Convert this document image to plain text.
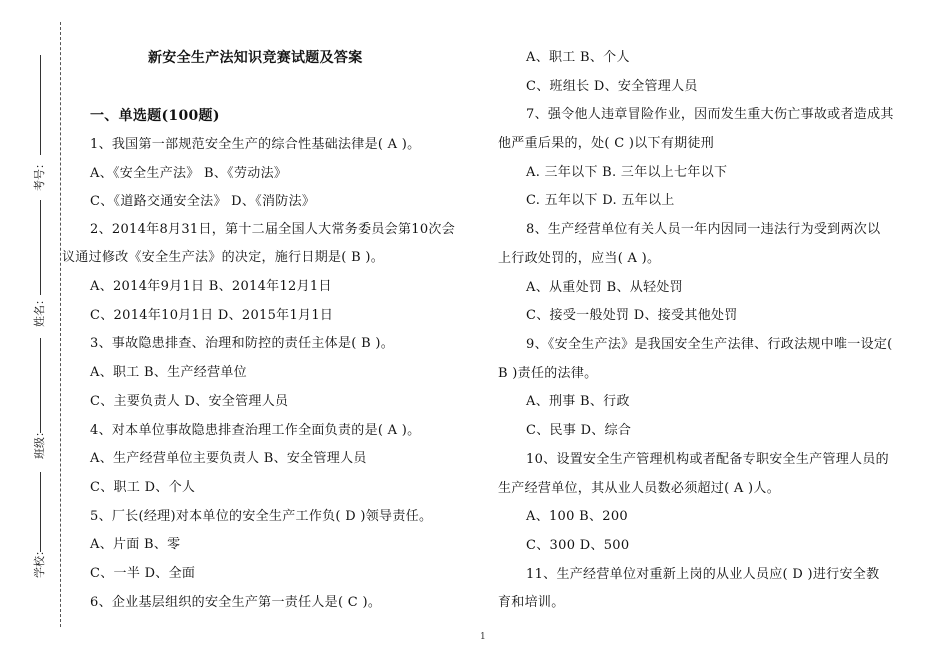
考号：
姓名：
班级：
学校：
新安全生产法知识竞赛试题及答案
一、单选题(100题)
1、我国第一部规范安全生产的综合性基础法律是( A )。
A、《安全生产法》 B、《劳动法》
C、《道路交通安全法》 D、《消防法》
2、2014年8月31日，第十二届全国人大常务委员会第10次会
议通过修改《安全生产法》的决定，施行日期是( B )。
A、2014年9月1日 B、2014年12月1日
C、2014年10月1日 D、2015年1月1日
3、事故隐患排查、治理和防控的责任主体是( B )。
A、职工 B、生产经营单位
C、主要负责人 D、安全管理人员
4、对本单位事故隐患排查治理工作全面负责的是( A )。
A、生产经营单位主要负责人 B、安全管理人员
C、职工 D、个人
5、厂长(经理)对本单位的安全生产工作负( D )领导责任。
A、片面 B、零
C、一半 D、全面
6、企业基层组织的安全生产第一责任人是( C )。
A、职工 B、个人
C、班组长 D、安全管理人员
7、强令他人违章冒险作业，因而发生重大伤亡事故或者造成其
他严重后果的，处( C )以下有期徒刑
A. 三年以下 B. 三年以上七年以下
C. 五年以下 D. 五年以上
8、生产经营单位有关人员一年内因同一违法行为受到两次以
上行政处罚的，应当( A )。
A、从重处罚 B、从轻处罚
C、接受一般处罚 D、接受其他处罚
9、《安全生产法》是我国安全生产法律、行政法规中唯一设定(
B )责任的法律。
A、刑事 B、行政
C、民事 D、综合
10、设置安全生产管理机构或者配备专职安全生产管理人员的
生产经营单位，其从业人员数必须超过( A )人。
A、100 B、200
C、300 D、500
11、生产经营单位对重新上岗的从业人员应( D )进行安全教
育和培训。
1
